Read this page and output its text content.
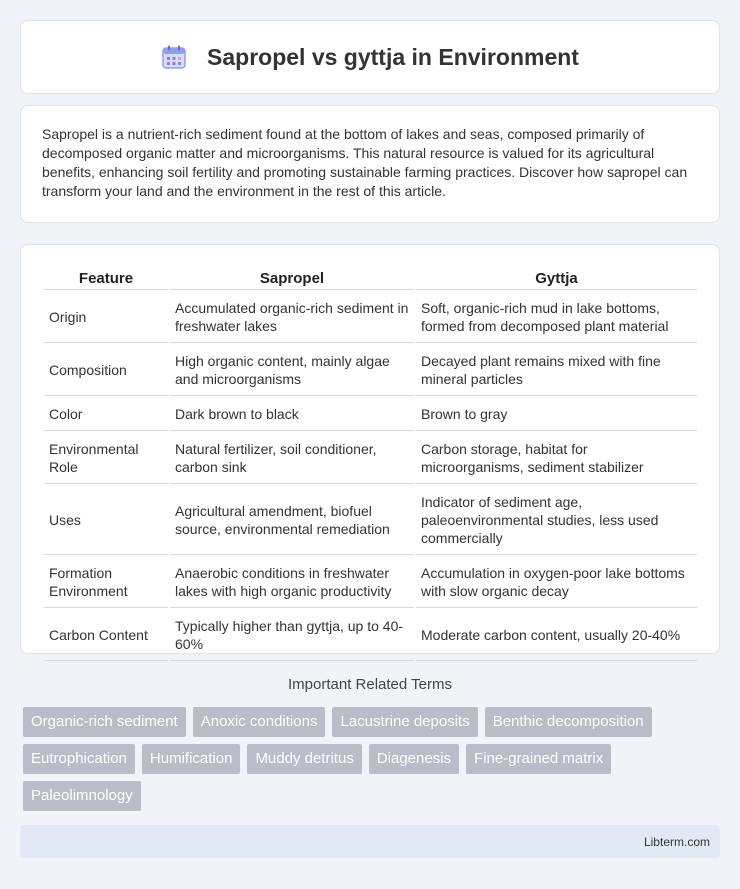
Sapropel vs gyttja in Environment

Sapropel is a nutrient-rich sediment found at the bottom of lakes and seas, composed primarily of decomposed organic matter and microorganisms. This natural resource is valued for its agricultural benefits, enhancing soil fertility and promoting sustainable farming practices. Discover how sapropel can transform your land and the environment in the rest of this article.

Feature	Sapropel	Gyttja
Origin	Accumulated organic-rich sediment in freshwater lakes	Soft, organic-rich mud in lake bottoms, formed from decomposed plant material
Composition	High organic content, mainly algae and microorganisms	Decayed plant remains mixed with fine mineral particles
Color	Dark brown to black	Brown to gray
Environmental Role	Natural fertilizer, soil conditioner, carbon sink	Carbon storage, habitat for microorganisms, sediment stabilizer
Uses	Agricultural amendment, biofuel source, environmental remediation	Indicator of sediment age, paleoenvironmental studies, less used commercially
Formation Environment	Anaerobic conditions in freshwater lakes with high organic productivity	Accumulation in oxygen-poor lake bottoms with slow organic decay
Carbon Content	Typically higher than gyttja, up to 40-60%	Moderate carbon content, usually 20-40%
Important Related Terms
Organic-rich sediment	Anoxic conditions	Lacustrine deposits	Benthic decomposition
Eutrophication	Humification	Muddy detritus	Diagenesis	Fine-grained matrix
Paleolimnology
Libterm.com
